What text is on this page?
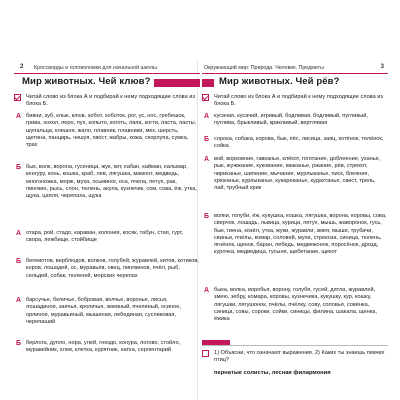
2 Кроссворды и головоломки для начальной школы
Мир животных. Чей клюв?
Читай слово из блока А и подбирай к нему подходящие слова из блока Б.
А бивни, зуб, клык, клюв, хобот, хоботок, рог, ус, нос, гребешок, грива, хохол, перо, пух, копыто, коготь, лапа, когти, ласта, ласты, шупальца, клешня, жало, плавник, плавники, мех, шерсть, щетина, панцирь, чешуя, хвост, жабры, кожа, скорлупа, сумка, трах
Б бык, волк, ворона, гусеница, жук, кит, кабан, кайман, кальмар, кенгуру, конь, кошка, краб, лев, лягушка, мамонт, медведь, многоножка, морж, муха, осьминог, оса, пчела, петух, рак, пингвин, рысь, слон, тюлень, акула, кузнечик, сом, сова, ёж, утка, щука, цапля, черепаха, щука
А отара, рой, стадо, караван, колония, косяк, табун, стая, гурт, свора, лежбище, стойбище
Б бегемотов, верблюдов, волков, голубей, журавлей, китов, котиков, коров, лошадей, ос, муравьёв, овец, пингвинов, пчёл, рыб, сельдей, собак, тюленей, морских черепах
А барсучье, беличье, бобровая, волчье, воронье, лисья, лошадиное, заячья, кроличья, змеиный, пчелиный, осиное, орлиное, муравьиный, мышиная, лебединая, сусликовая, черепаший
Б берлога, дупло, нора, улей, гнездо, конура, логово, стойло, муравейник, хлев, клетка, курятник, хатка, серпентарий
Окружающий мир: Природа. Человек. Предметы	3
Мир животных. Чей рёв?
Читай слово из блока А и подбирай к нему подходящие слова из блока Б.
А кусачая, кусачий, игривый, бодливая, бодливый, пугливый, пуглива, брыкливый, крикливый, вертлявая
Б сорока, собака, корова, бык, пёс, лисица, заяц, котёнок, телёнок, сойка
А вой, ворковние, гавканье, клёкот, гоготание, доблеение, уханье, рык, жужжание, кукование, кваканье, ржание, рёв, стрекот, чириканье, шипение, мычание, мурлыканье, писк, блеяние, хрюканье, курлыканье, кукареканье, кудахтанье, свист, трель, лай, трубный крик
Б волки, голуби, ёж, кукушка, кошка, лягушка, ворона, коровы, сова, сверчок, лошадь, львица, курица, петух, мышь, жаворонок, гусь, бык, гиена, козёл, утка, жуки, журавли, змея, мыши, трубачи, свиньи, пчёлы, комар, соловей, мухи, стрекоза, синица, тюлень, ягнёнок, щенок, баран, лебедь, медвежонок, поросёнок, дрозд, курочка, медведица, гусыня, щебетание, щекот
А быка, волка, воробья, ворону, голубя, гусей, дятла, журавлей, змею, зебру, комара, коровы, кузнечика, кукушку, кур, кошку, лягушки, лягушонок, пчёлы, пчёлку, сову, соловья, совёнка, синица, совы, сороки, сойки, синицы, филина, шакала, щенка, ёжика
1) Объясни, что означают выражения. 2) Каких ты знаешь певчих птиц?
пернатые солисты, лесная филармония
